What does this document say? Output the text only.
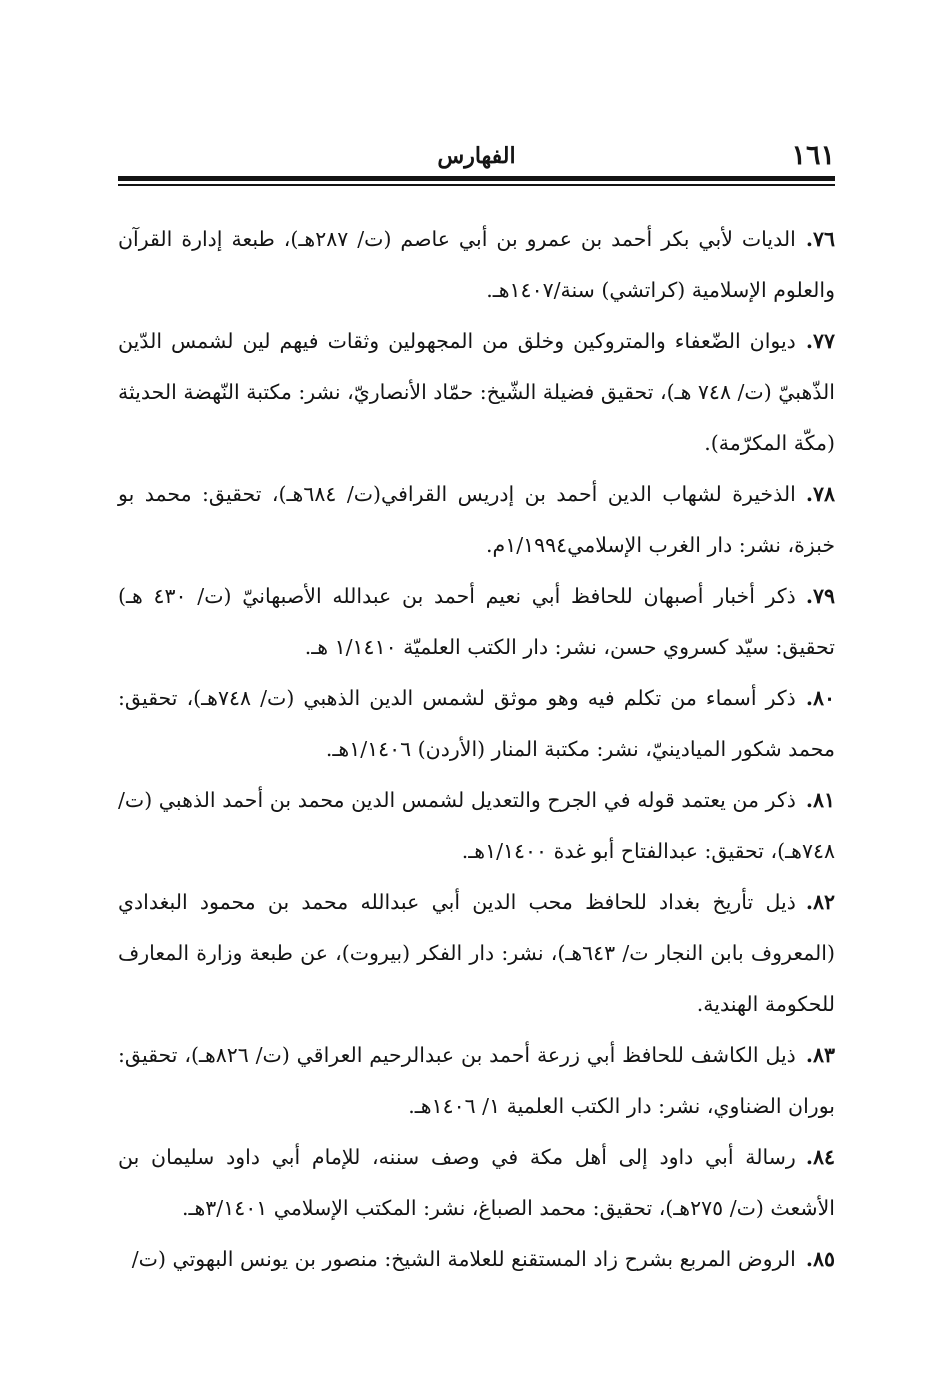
١٦١
الفهارس

٧٦.الديات لأبي بكر أحمد بن عمرو بن أبي عاصم (ت/ ٢٨٧هـ)، طبعة إدارة القرآن والعلوم الإسلامية (كراتشي) سنة/١٤٠٧هـ.

٧٧.ديوان الضّعفاء والمتروكين وخلق من المجهولين وثقات فيهم لين لشمس الدّين الذّهبيّ (ت/ ٧٤٨ هـ)، تحقيق فضيلة الشّيخ: حمّاد الأنصاريّ، نشر: مكتبة النّهضة الحديثة (مكّة المكرّمة).

٧٨.الذخيرة لشهاب الدين أحمد بن إدريس القرافي(ت/ ٦٨٤هـ)، تحقيق: محمد بو خبزة، نشر: دار الغرب الإسلامي١/١٩٩٤م.

٧٩.ذكر أخبار أصبهان للحافظ أبي نعيم أحمد بن عبدالله الأصبهانيّ (ت/ ٤٣٠ هـ) تحقيق: سيّد كسروي حسن، نشر: دار الكتب العلميّة ١/١٤١٠ هـ.

٨٠.ذكر أسماء من تكلم فيه وهو موثق لشمس الدين الذهبي (ت/ ٧٤٨هـ)، تحقيق: محمد شكور الميادينيّ، نشر: مكتبة المنار (الأردن) ١/١٤٠٦هـ.

٨١.ذكر من يعتمد قوله في الجرح والتعديل لشمس الدين محمد بن أحمد الذهبي (ت/ ٧٤٨هـ)، تحقيق: عبدالفتاح أبو غدة ١/١٤٠٠هـ.

٨٢.ذيل تأريخ بغداد للحافظ محب الدين أبي عبدالله محمد بن محمود البغدادي (المعروف بابن النجار ت/ ٦٤٣هـ)، نشر: دار الفكر (بيروت)، عن طبعة وزارة المعارف للحكومة الهندية.

٨٣.ذيل الكاشف للحافظ أبي زرعة أحمد بن عبدالرحيم العراقي (ت/ ٨٢٦هـ)، تحقيق: بوران الضناوي، نشر: دار الكتب العلمية ١/ ١٤٠٦هـ.

٨٤.رسالة أبي داود إلى أهل مكة في وصف سننه، للإمام أبي داود سليمان بن الأشعث (ت/ ٢٧٥هـ)، تحقيق: محمد الصباغ، نشر: المكتب الإسلامي ٣/١٤٠١هـ.

٨٥.الروض المربع بشرح زاد المستقنع للعلامة الشيخ: منصور بن يونس البهوتي (ت/
